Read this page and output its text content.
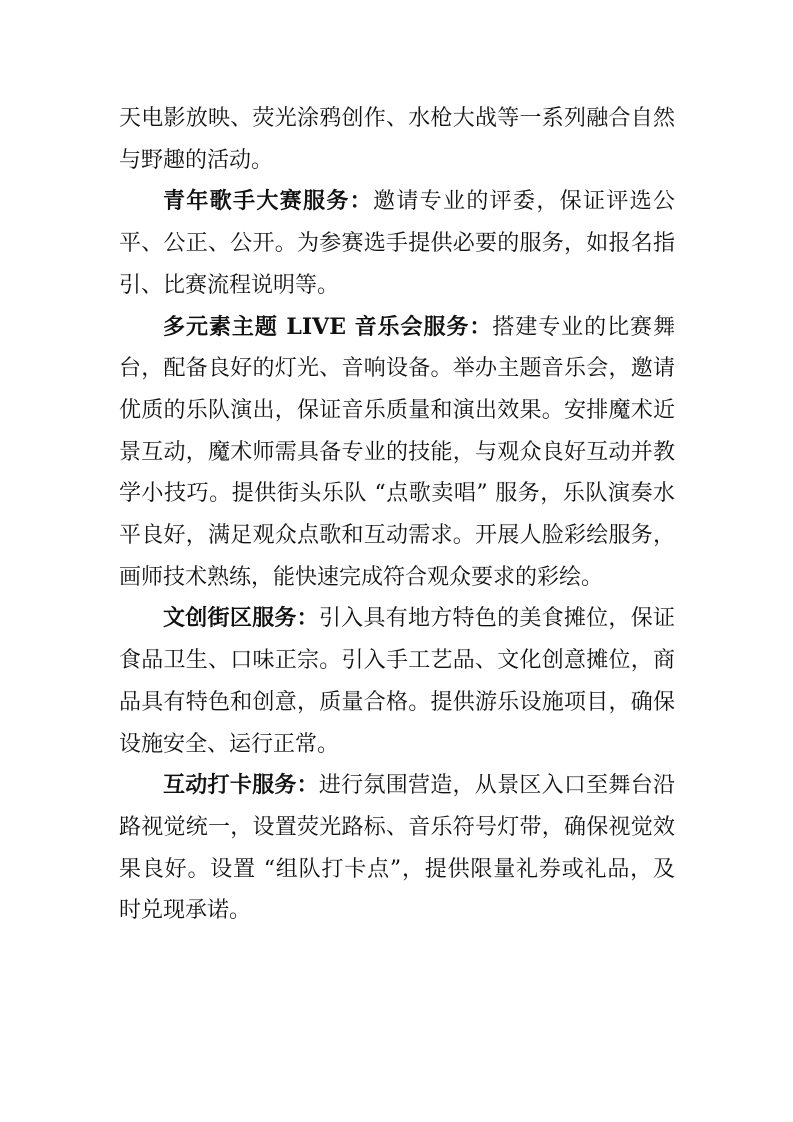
天电影放映、荧光涂鸦创作、水枪大战等一系列融合自然与野趣的活动。

青年歌手大赛服务：邀请专业的评委，保证评选公平、公正、公开。为参赛选手提供必要的服务，如报名指引、比赛流程说明等。

多元素主题 LIVE 音乐会服务：搭建专业的比赛舞台，配备良好的灯光、音响设备。举办主题音乐会，邀请优质的乐队演出，保证音乐质量和演出效果。安排魔术近景互动，魔术师需具备专业的技能，与观众良好互动并教学小技巧。提供街头乐队 “点歌卖唱” 服务，乐队演奏水平良好，满足观众点歌和互动需求。开展人脸彩绘服务，画师技术熟练，能快速完成符合观众要求的彩绘。

文创街区服务：引入具有地方特色的美食摊位，保证食品卫生、口味正宗。引入手工艺品、文化创意摊位，商品具有特色和创意，质量合格。提供游乐设施项目，确保设施安全、运行正常。

互动打卡服务：进行氛围营造，从景区入口至舞台沿路视觉统一，设置荧光路标、音乐符号灯带，确保视觉效果良好。设置 “组队打卡点”，提供限量礼券或礼品，及时兑现承诺。
